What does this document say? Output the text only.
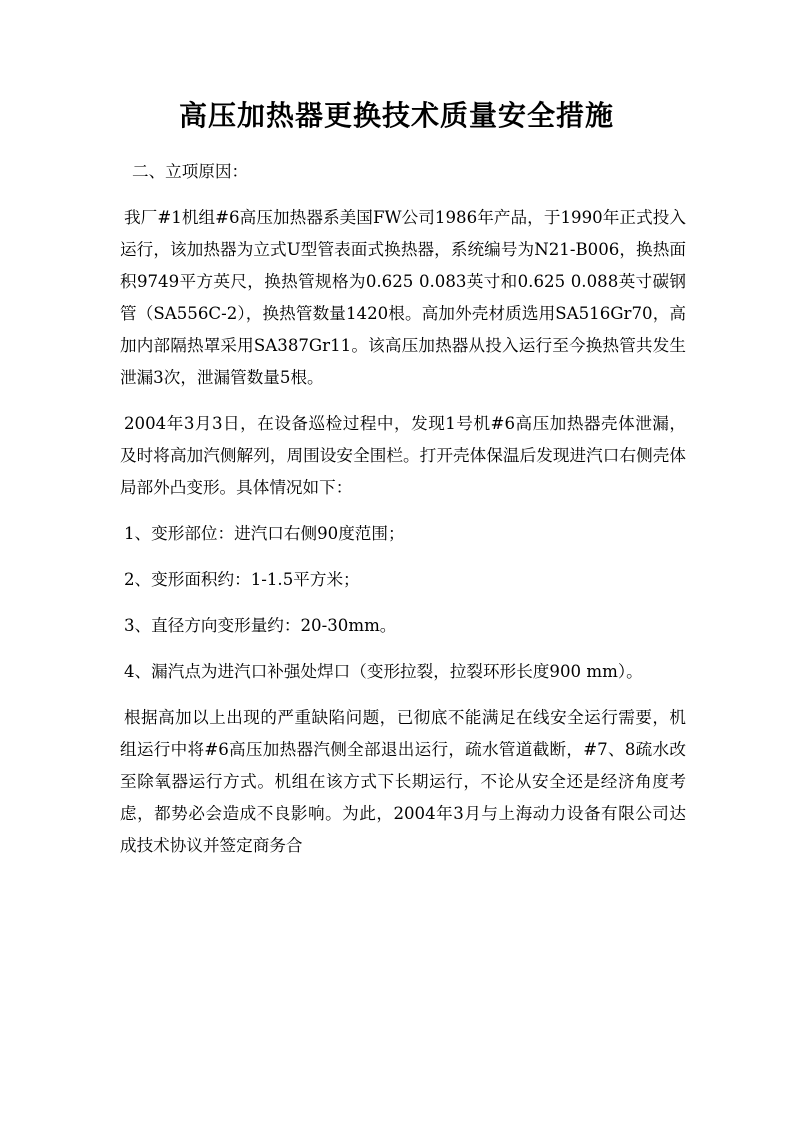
高压加热器更换技术质量安全措施

二、立项原因：

我厂#1机组#6高压加热器系美国FW公司1986年产品，于1990年正式投入运行，该加热器为立式U型管表面式换热器，系统编号为N21-B006，换热面积9749平方英尺，换热管规格为0.625 0.083英寸和0.625 0.088英寸碳钢管（SA556C-2），换热管数量1420根。高加外壳材质选用SA516Gr70，高加内部隔热罩采用SA387Gr11。该高压加热器从投入运行至今换热管共发生泄漏3次，泄漏管数量5根。

2004年3月3日，在设备巡检过程中，发现1号机#6高压加热器壳体泄漏，及时将高加汽侧解列，周围设安全围栏。打开壳体保温后发现进汽口右侧壳体局部外凸变形。具体情况如下：

1、变形部位：进汽口右侧90度范围；

2、变形面积约：1-1.5平方米；

3、直径方向变形量约：20-30mm。

4、漏汽点为进汽口补强处焊口（变形拉裂，拉裂环形长度900 mm）。

根据高加以上出现的严重缺陷问题，已彻底不能满足在线安全运行需要，机组运行中将#6高压加热器汽侧全部退出运行，疏水管道截断，#7、8疏水改至除氧器运行方式。机组在该方式下长期运行，不论从安全还是经济角度考虑，都势必会造成不良影响。为此，2004年3月与上海动力设备有限公司达成技术协议并签定商务合
